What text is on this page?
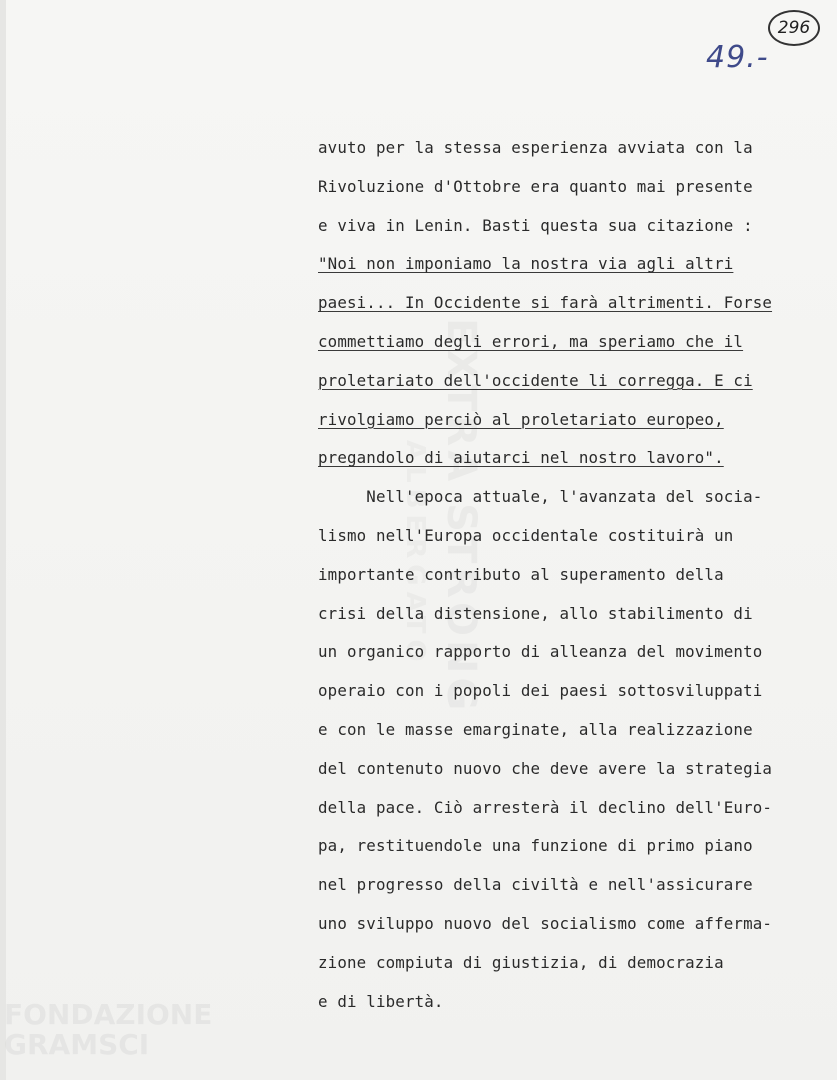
EXTRA STRONG
ALBERGATO
49.-
296
avuto per la stessa esperienza avviata con la
Rivoluzione d'Ottobre era quanto mai presente
e viva in Lenin. Basti questa sua citazione :
"Noi non imponiamo la nostra via agli altri
paesi... In Occidente si farà altrimenti. Forse
commettiamo degli errori, ma speriamo che il
proletariato dell'occidente li corregga. E ci
rivolgiamo perciò al proletariato europeo,
pregandolo di aiutarci nel nostro lavoro".
Nell'epoca attuale, l'avanzata del socia-
lismo nell'Europa occidentale costituirà un
importante contributo al superamento della
crisi della distensione, allo stabilimento di
un organico rapporto di alleanza del movimento
operaio con i popoli dei paesi sottosviluppati
e con le masse emarginate, alla realizzazione
del contenuto nuovo che deve avere la strategia
della pace. Ciò arresterà il declino dell'Euro-
pa, restituendole una funzione di primo piano
nel progresso della civiltà e nell'assicurare
uno sviluppo nuovo del socialismo come afferma-
zione compiuta di giustizia, di democrazia
e di libertà.
FONDAZIONE
GRAMSCI
